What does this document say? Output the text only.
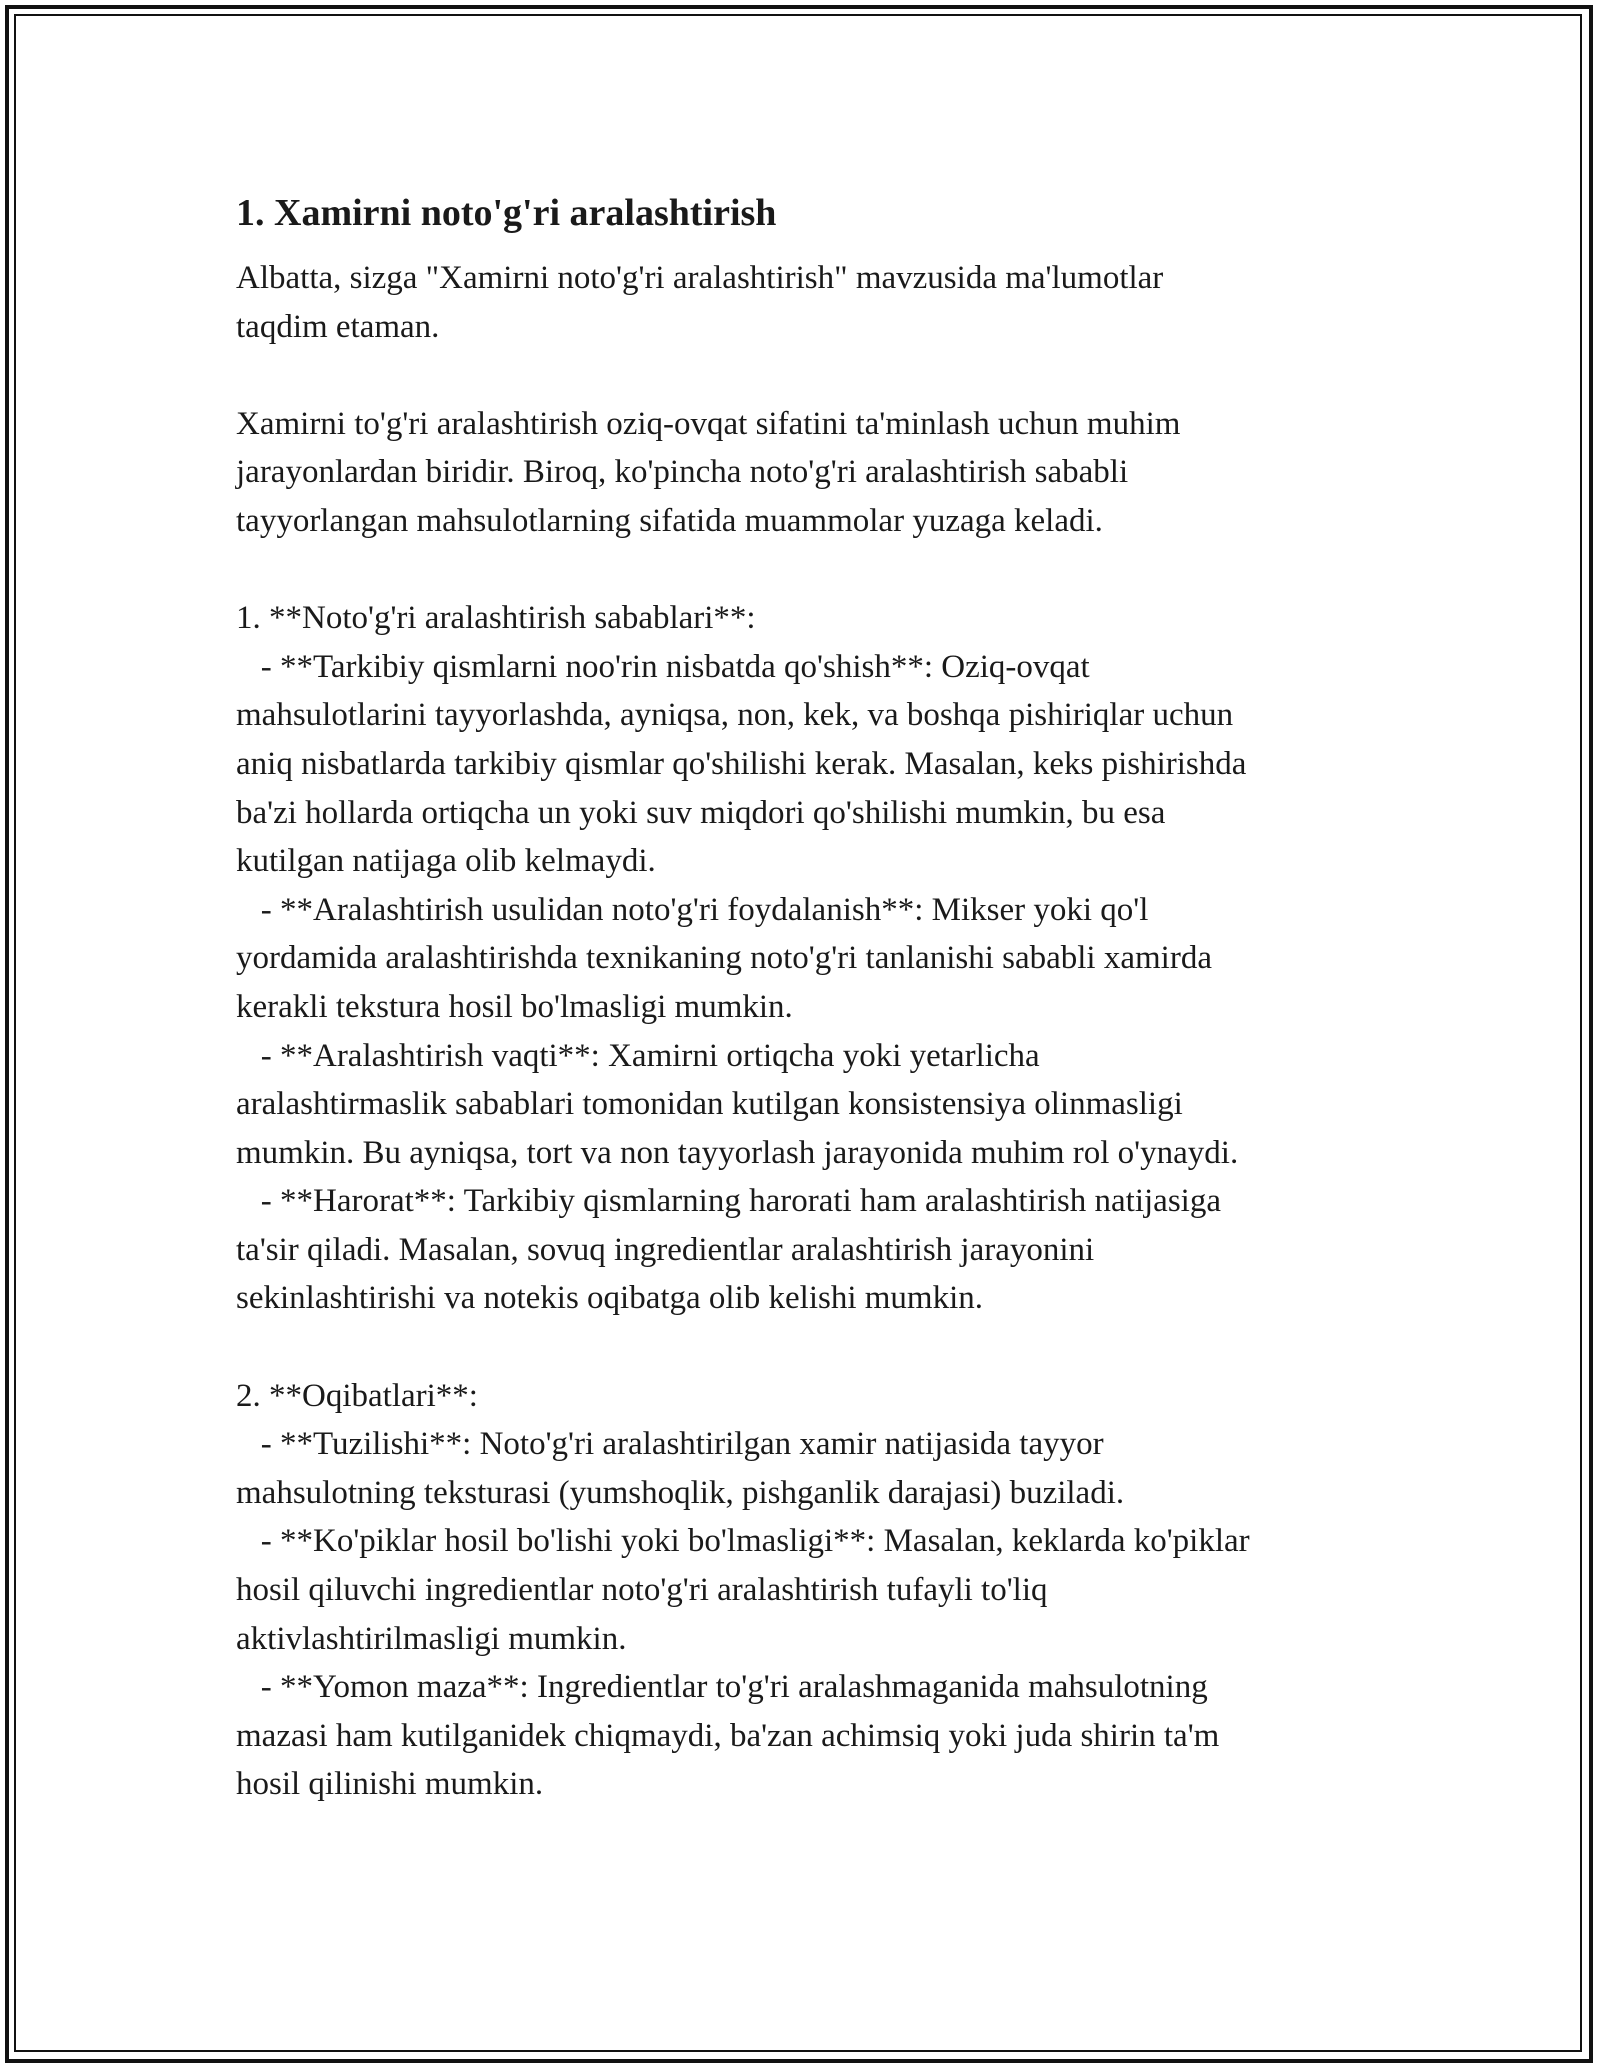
1. Xamirni noto'g'ri aralashtirish

Albatta, sizga "Xamirni noto'g'ri aralashtirish" mavzusida ma'lumotlar
taqdim etaman.

Xamirni to'g'ri aralashtirish oziq-ovqat sifatini ta'minlash uchun muhim
jarayonlardan biridir. Biroq, ko'pincha noto'g'ri aralashtirish sababli
tayyorlangan mahsulotlarning sifatida muammolar yuzaga keladi.

1. **Noto'g'ri aralashtirish sabablari**:
- **Tarkibiy qismlarni noo'rin nisbatda qo'shish**: Oziq-ovqat
mahsulotlarini tayyorlashda, ayniqsa, non, kek, va boshqa pishiriqlar uchun
aniq nisbatlarda tarkibiy qismlar qo'shilishi kerak. Masalan, keks pishirishda
ba'zi hollarda ortiqcha un yoki suv miqdori qo'shilishi mumkin, bu esa
kutilgan natijaga olib kelmaydi.
- **Aralashtirish usulidan noto'g'ri foydalanish**: Mikser yoki qo'l
yordamida aralashtirishda texnikaning noto'g'ri tanlanishi sababli xamirda
kerakli tekstura hosil bo'lmasligi mumkin.
- **Aralashtirish vaqti**: Xamirni ortiqcha yoki yetarlicha
aralashtirmaslik sabablari tomonidan kutilgan konsistensiya olinmasligi
mumkin. Bu ayniqsa, tort va non tayyorlash jarayonida muhim rol o'ynaydi.
- **Harorat**: Tarkibiy qismlarning harorati ham aralashtirish natijasiga
ta'sir qiladi. Masalan, sovuq ingredientlar aralashtirish jarayonini
sekinlashtirishi va notekis oqibatga olib kelishi mumkin.

2. **Oqibatlari**:
- **Tuzilishi**: Noto'g'ri aralashtirilgan xamir natijasida tayyor
mahsulotning teksturasi (yumshoqlik, pishganlik darajasi) buziladi.
- **Ko'piklar hosil bo'lishi yoki bo'lmasligi**: Masalan, keklarda ko'piklar
hosil qiluvchi ingredientlar noto'g'ri aralashtirish tufayli to'liq
aktivlashtirilmasligi mumkin.
- **Yomon maza**: Ingredientlar to'g'ri aralashmaganida mahsulotning
mazasi ham kutilganidek chiqmaydi, ba'zan achimsiq yoki juda shirin ta'm
hosil qilinishi mumkin.
